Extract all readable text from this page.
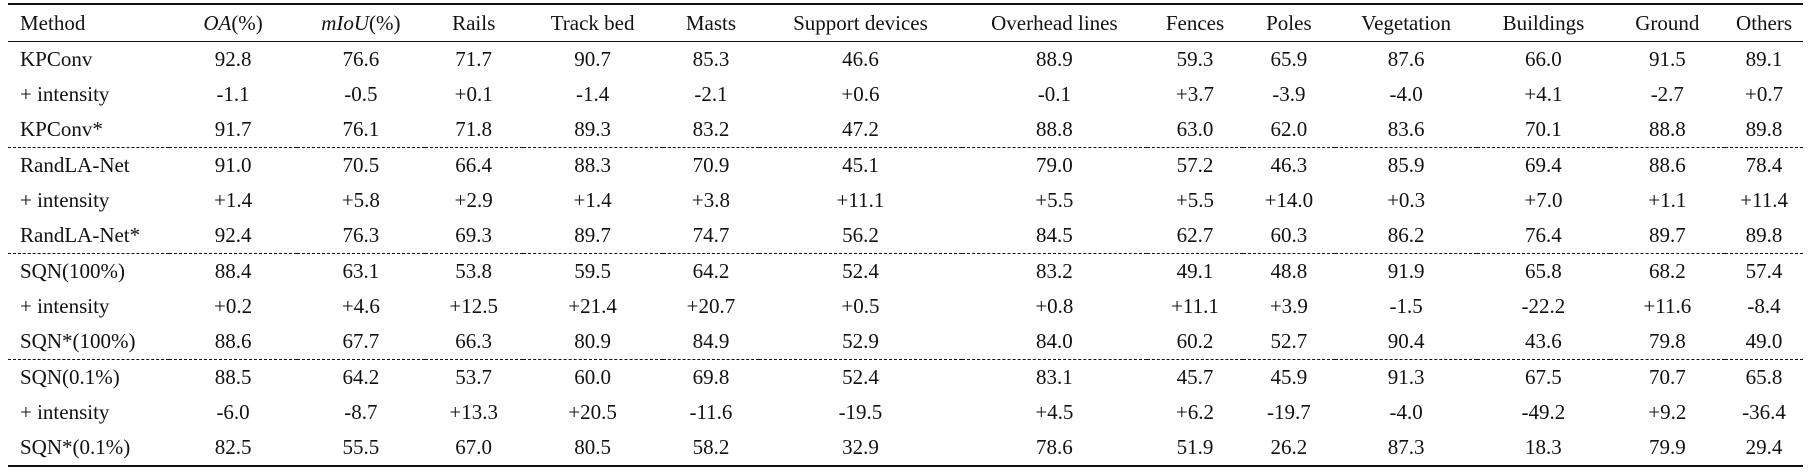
Method	OA(%)	mIoU(%)	Rails	Track bed	Masts	Support devices	Overhead lines	Fences	Poles	Vegetation	Buildings	Ground	Others
KPConv	92.8	76.6	71.7	90.7	85.3	46.6	88.9	59.3	65.9	87.6	66.0	91.5	89.1
+ intensity	-1.1	-0.5	+0.1	-1.4	-2.1	+0.6	-0.1	+3.7	-3.9	-4.0	+4.1	-2.7	+0.7
KPConv*	91.7	76.1	71.8	89.3	83.2	47.2	88.8	63.0	62.0	83.6	70.1	88.8	89.8
RandLA-Net	91.0	70.5	66.4	88.3	70.9	45.1	79.0	57.2	46.3	85.9	69.4	88.6	78.4
+ intensity	+1.4	+5.8	+2.9	+1.4	+3.8	+11.1	+5.5	+5.5	+14.0	+0.3	+7.0	+1.1	+11.4
RandLA-Net*	92.4	76.3	69.3	89.7	74.7	56.2	84.5	62.7	60.3	86.2	76.4	89.7	89.8
SQN(100%)	88.4	63.1	53.8	59.5	64.2	52.4	83.2	49.1	48.8	91.9	65.8	68.2	57.4
+ intensity	+0.2	+4.6	+12.5	+21.4	+20.7	+0.5	+0.8	+11.1	+3.9	-1.5	-22.2	+11.6	-8.4
SQN*(100%)	88.6	67.7	66.3	80.9	84.9	52.9	84.0	60.2	52.7	90.4	43.6	79.8	49.0
SQN(0.1%)	88.5	64.2	53.7	60.0	69.8	52.4	83.1	45.7	45.9	91.3	67.5	70.7	65.8
+ intensity	-6.0	-8.7	+13.3	+20.5	-11.6	-19.5	+4.5	+6.2	-19.7	-4.0	-49.2	+9.2	-36.4
SQN*(0.1%)	82.5	55.5	67.0	80.5	58.2	32.9	78.6	51.9	26.2	87.3	18.3	79.9	29.4
